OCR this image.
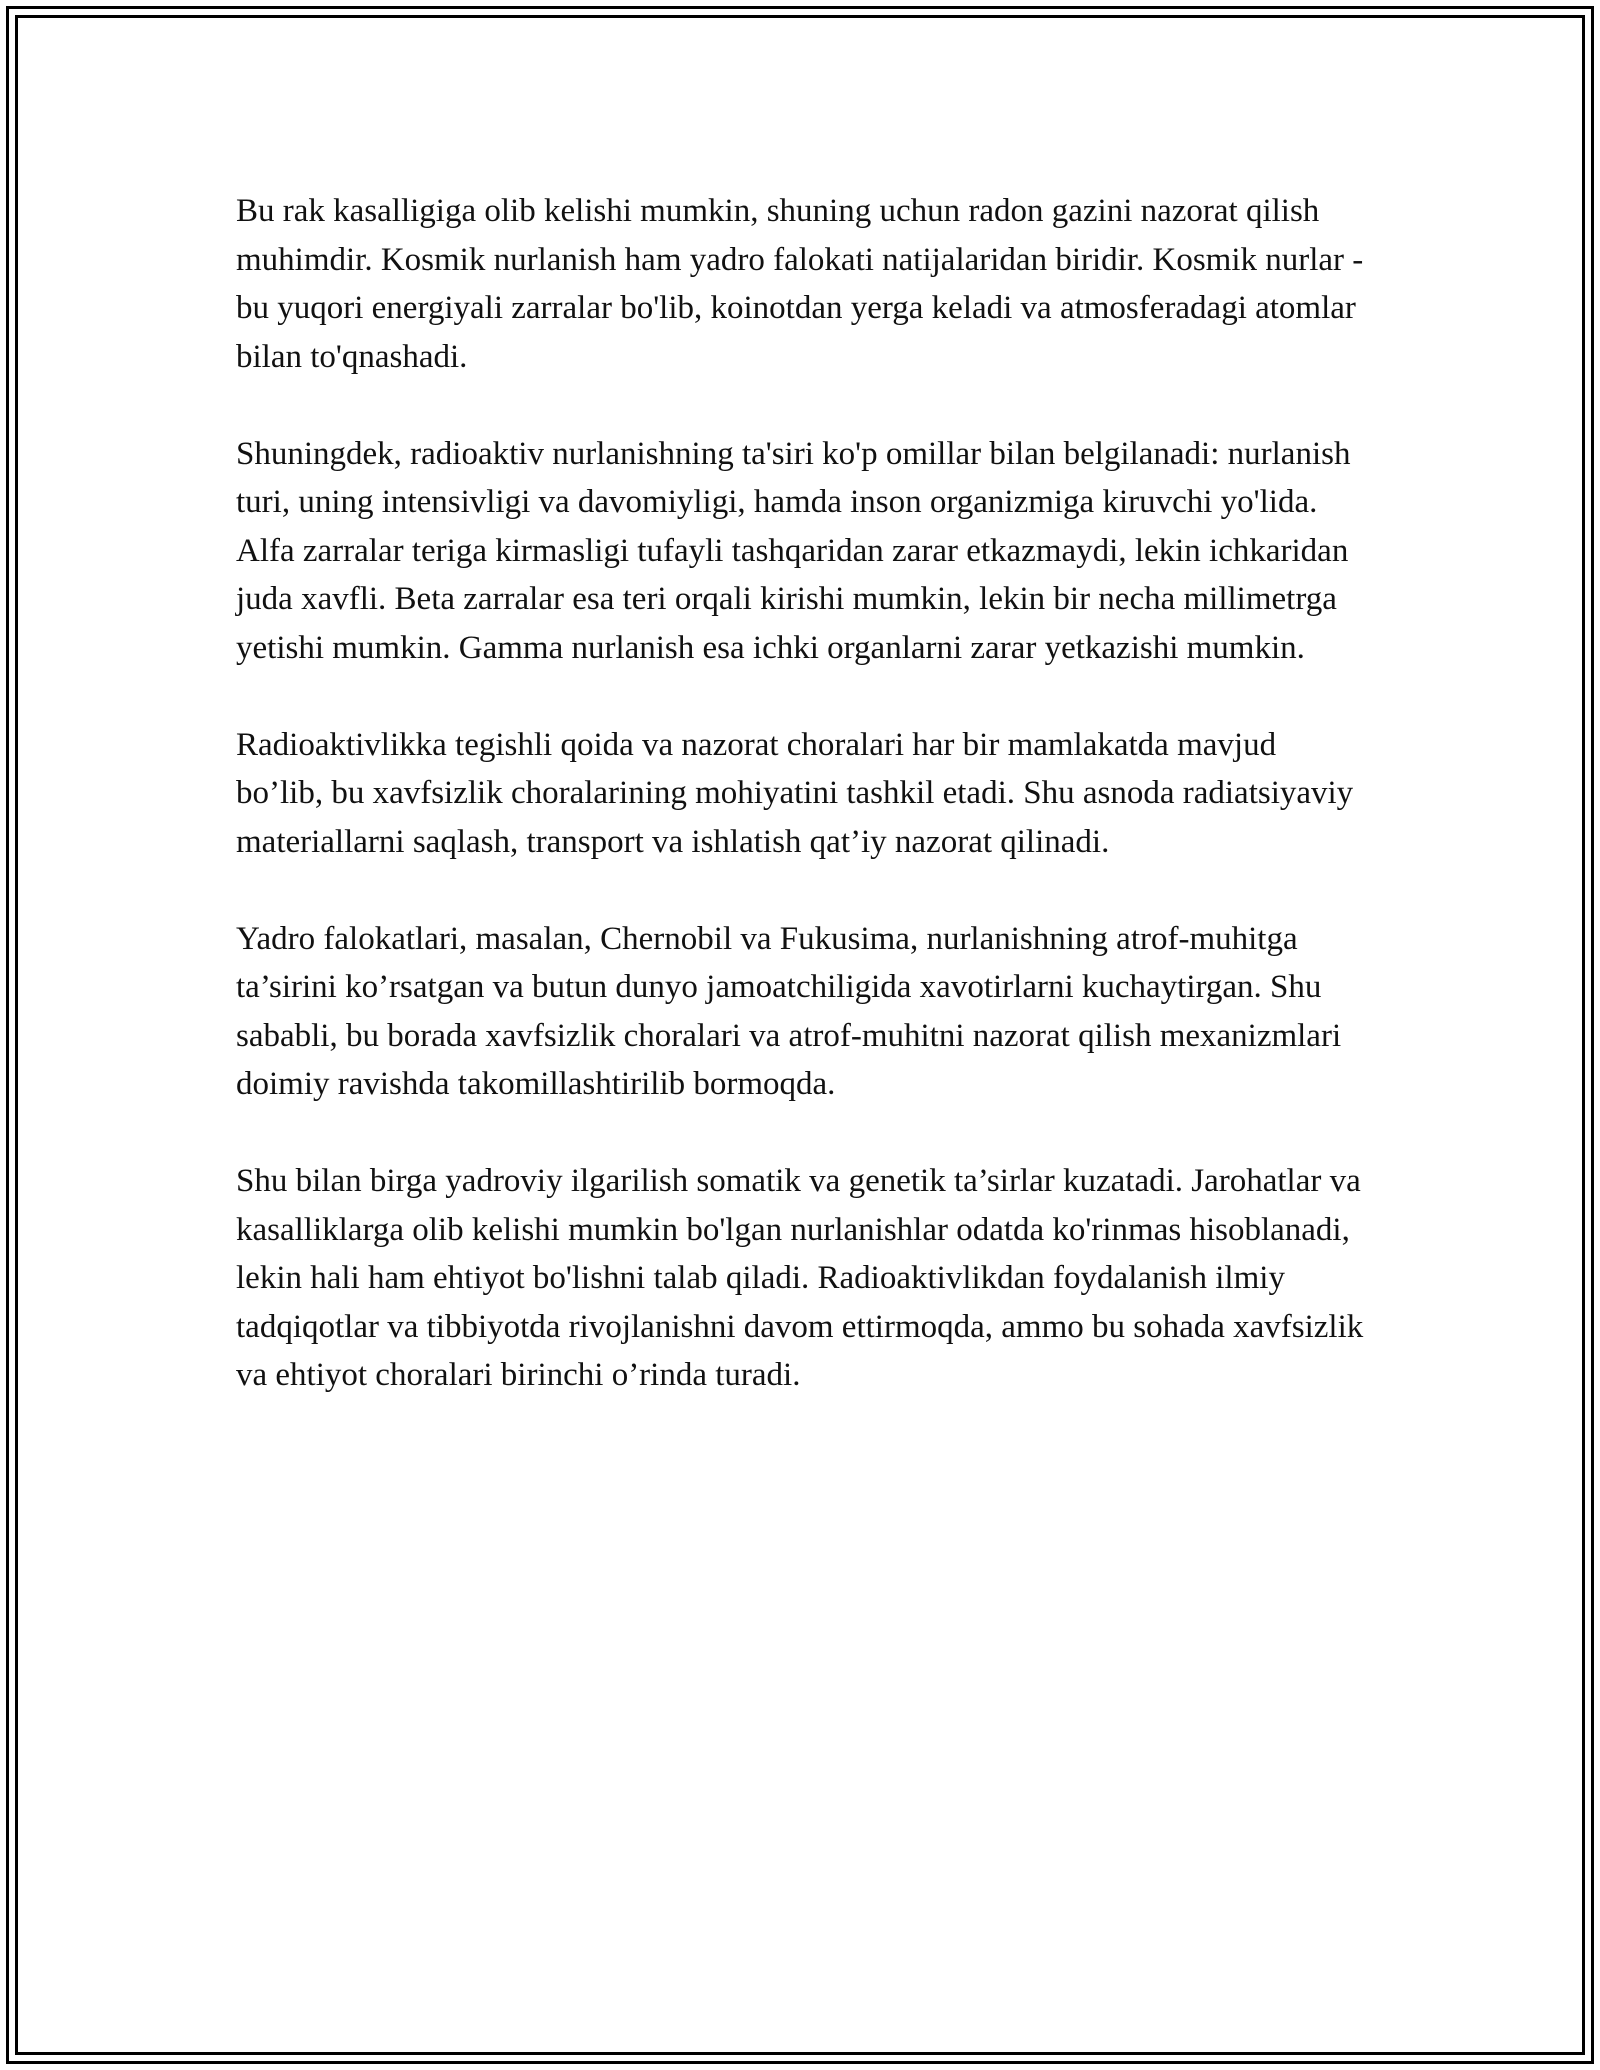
Bu rak kasalligiga olib kelishi mumkin, shuning uchun radon gazini nazorat qilish muhimdir. Kosmik nurlanish ham yadro falokati natijalaridan biridir. Kosmik nurlar - bu yuqori energiyali zarralar bo'lib, koinotdan yerga keladi va atmosferadagi atomlar bilan to'qnashadi.

Shuningdek, radioaktiv nurlanishning ta'siri ko'p omillar bilan belgilanadi: nurlanish turi, uning intensivligi va davomiyligi, hamda inson organizmiga kiruvchi yo'lida. Alfa zarralar teriga kirmasligi tufayli tashqaridan zarar etkazmaydi, lekin ichkaridan juda xavfli. Beta zarralar esa teri orqali kirishi mumkin, lekin bir necha millimetrga yetishi mumkin. Gamma nurlanish esa ichki organlarni zarar yetkazishi mumkin.

Radioaktivlikka tegishli qoida va nazorat choralari har bir mamlakatda mavjud bo’lib, bu xavfsizlik choralarining mohiyatini tashkil etadi. Shu asnoda radiatsiyaviy materiallarni saqlash, transport va ishlatish qat’iy nazorat qilinadi.

Yadro falokatlari, masalan, Chernobil va Fukusima, nurlanishning atrof-muhitga ta’sirini ko’rsatgan va butun dunyo jamoatchiligida xavotirlarni kuchaytirgan. Shu sababli, bu borada xavfsizlik choralari va atrof-muhitni nazorat qilish mexanizmlari doimiy ravishda takomillashtirilib bormoqda.

Shu bilan birga yadroviy ilgarilish somatik va genetik ta’sirlar kuzatadi. Jarohatlar va kasalliklarga olib kelishi mumkin bo'lgan nurlanishlar odatda ko'rinmas hisoblanadi, lekin hali ham ehtiyot bo'lishni talab qiladi. Radioaktivlikdan foydalanish ilmiy tadqiqotlar va tibbiyotda rivojlanishni davom ettirmoqda, ammo bu sohada xavfsizlik va ehtiyot choralari birinchi o’rinda turadi.
